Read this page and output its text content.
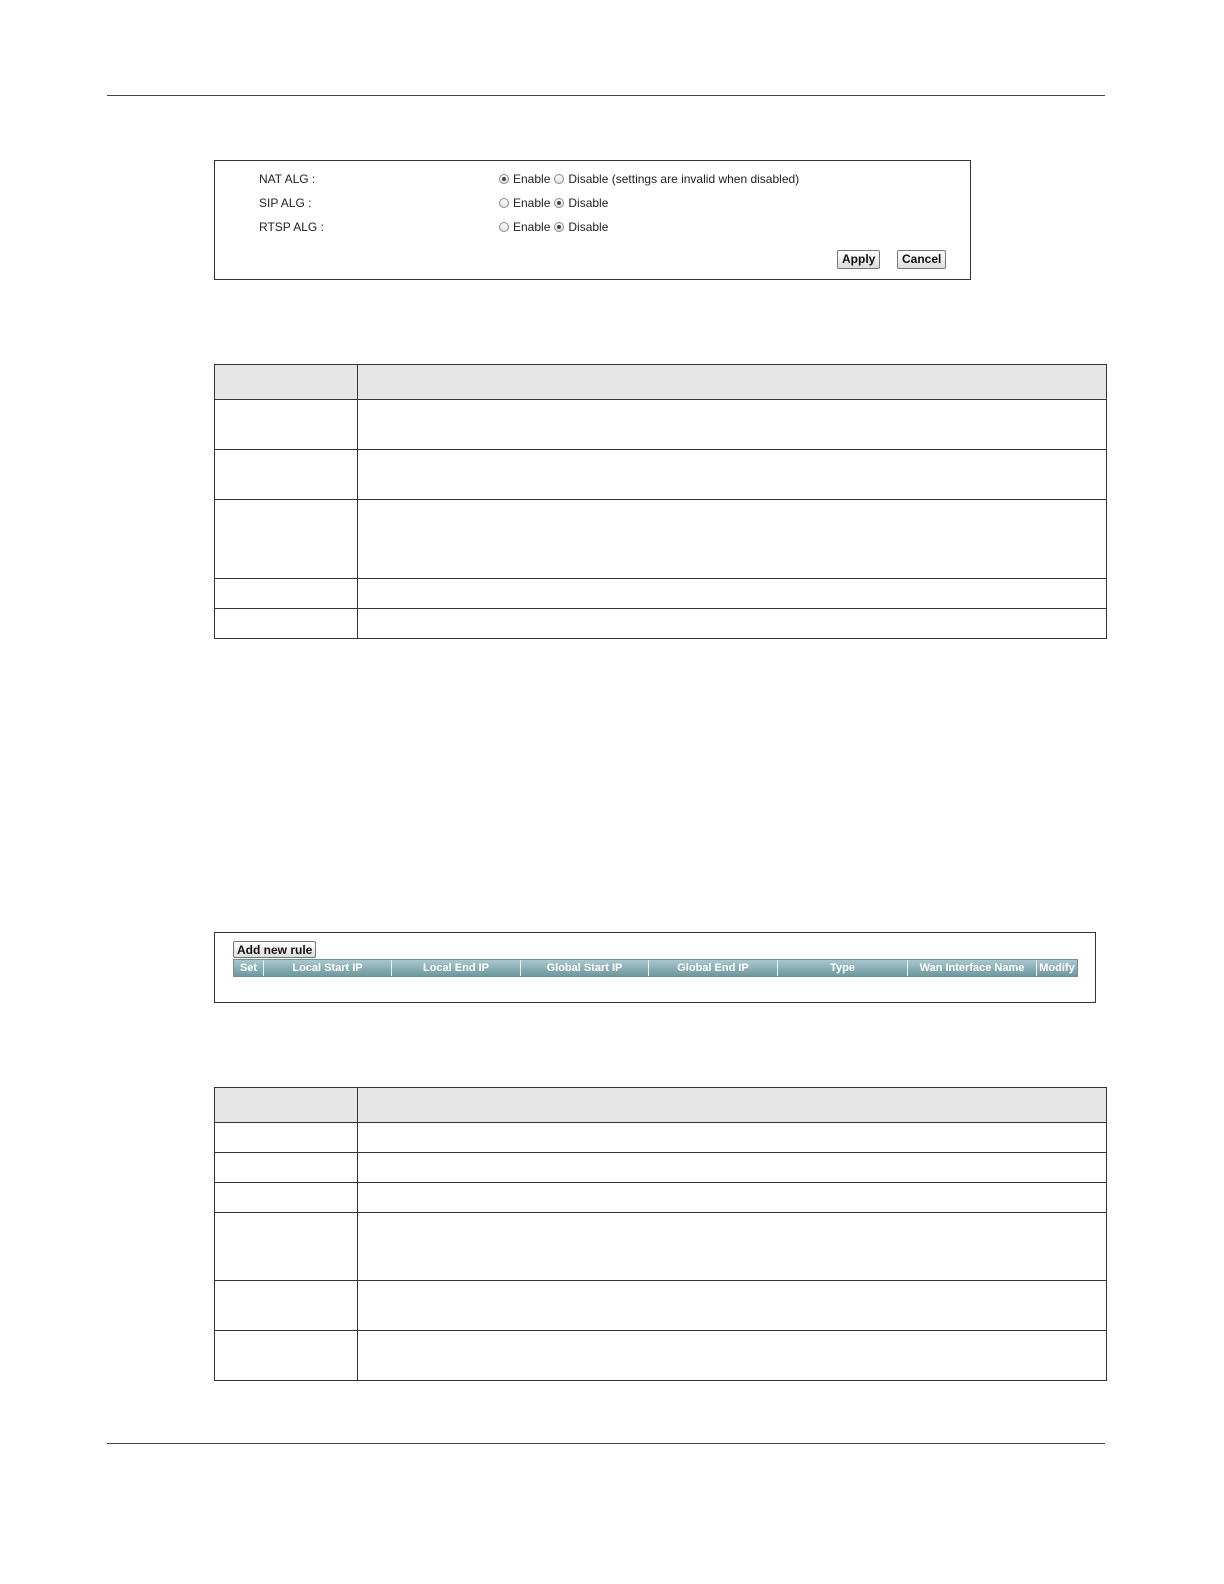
NAT ALG :	Enable Disable (settings are invalid when disabled)
SIP ALG :	Enable Disable
RTSP ALG :	Enable Disable
Apply	Cancel

Add new rule
Set	Local Start IP	Local End IP	Global Start IP	Global End IP	Type	Wan Interface Name	Modify
